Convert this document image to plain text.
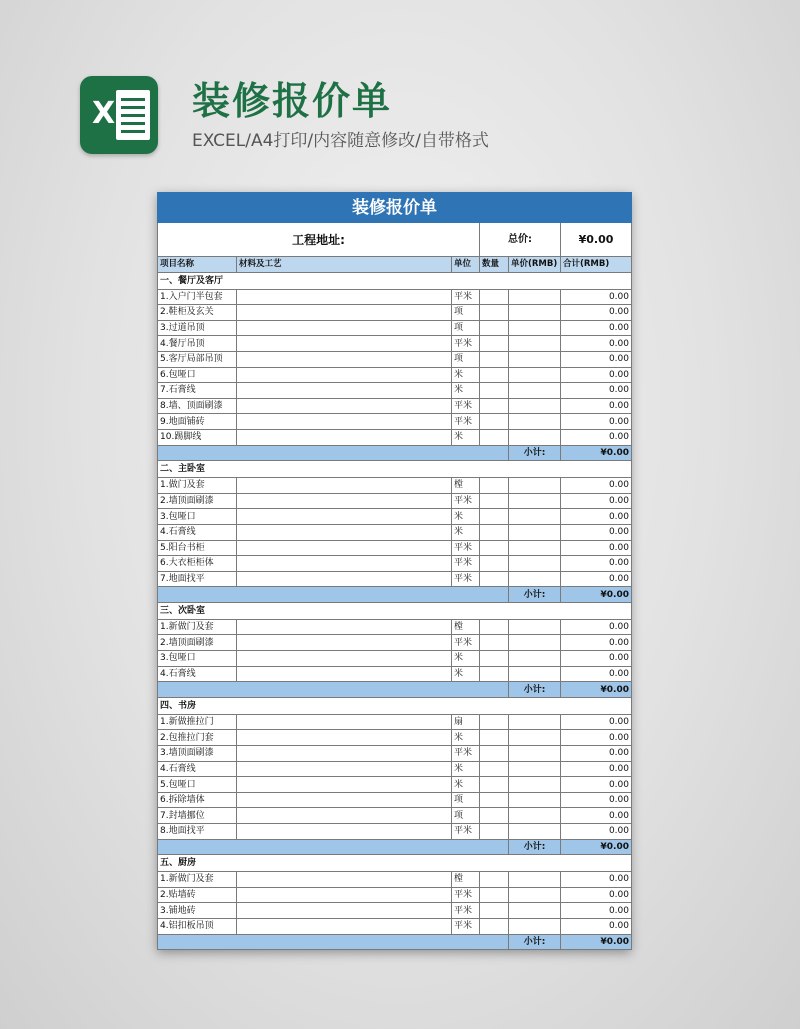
X 装修报价单
EXCEL/A4打印/内容随意修改/自带格式
装修报价单					
工程地址:			总价:		¥0.00
项目名称	材料及工艺	单位	数量	单价(RMB)	合计(RMB)
一、餐厅及客厅					
1.入户门半包套		平米			0.00
2.鞋柜及玄关		项			0.00
3.过道吊顶		项			0.00
4.餐厅吊顶		平米			0.00
5.客厅局部吊顶		项			0.00
6.包哑口		米			0.00
7.石膏线		米			0.00
8.墙、顶面刷漆		平米			0.00
9.地面铺砖		平米			0.00
10.踢脚线		米			0.00
				小计:	¥0.00
二、主卧室					
1.做门及套		樘			0.00
2.墙顶面刷漆		平米			0.00
3.包哑口		米			0.00
4.石膏线		米			0.00
5.阳台书柜		平米			0.00
6.大衣柜柜体		平米			0.00
7.地面找平		平米			0.00
				小计:	¥0.00
三、次卧室					
1.新做门及套		樘			0.00
2.墙顶面刷漆		平米			0.00
3.包哑口		米			0.00
4.石膏线		米			0.00
				小计:	¥0.00
四、书房					
1.新做推拉门		扇			0.00
2.包推拉门套		米			0.00
3.墙顶面刷漆		平米			0.00
4.石膏线		米			0.00
5.包哑口		米			0.00
6.拆除墙体		项			0.00
7.封墙挪位		项			0.00
8.地面找平		平米			0.00
				小计:	¥0.00
五、厨房					
1.新做门及套		樘			0.00
2.贴墙砖		平米			0.00
3.铺地砖		平米			0.00
4.铝扣板吊顶		平米			0.00
				小计:	¥0.00
